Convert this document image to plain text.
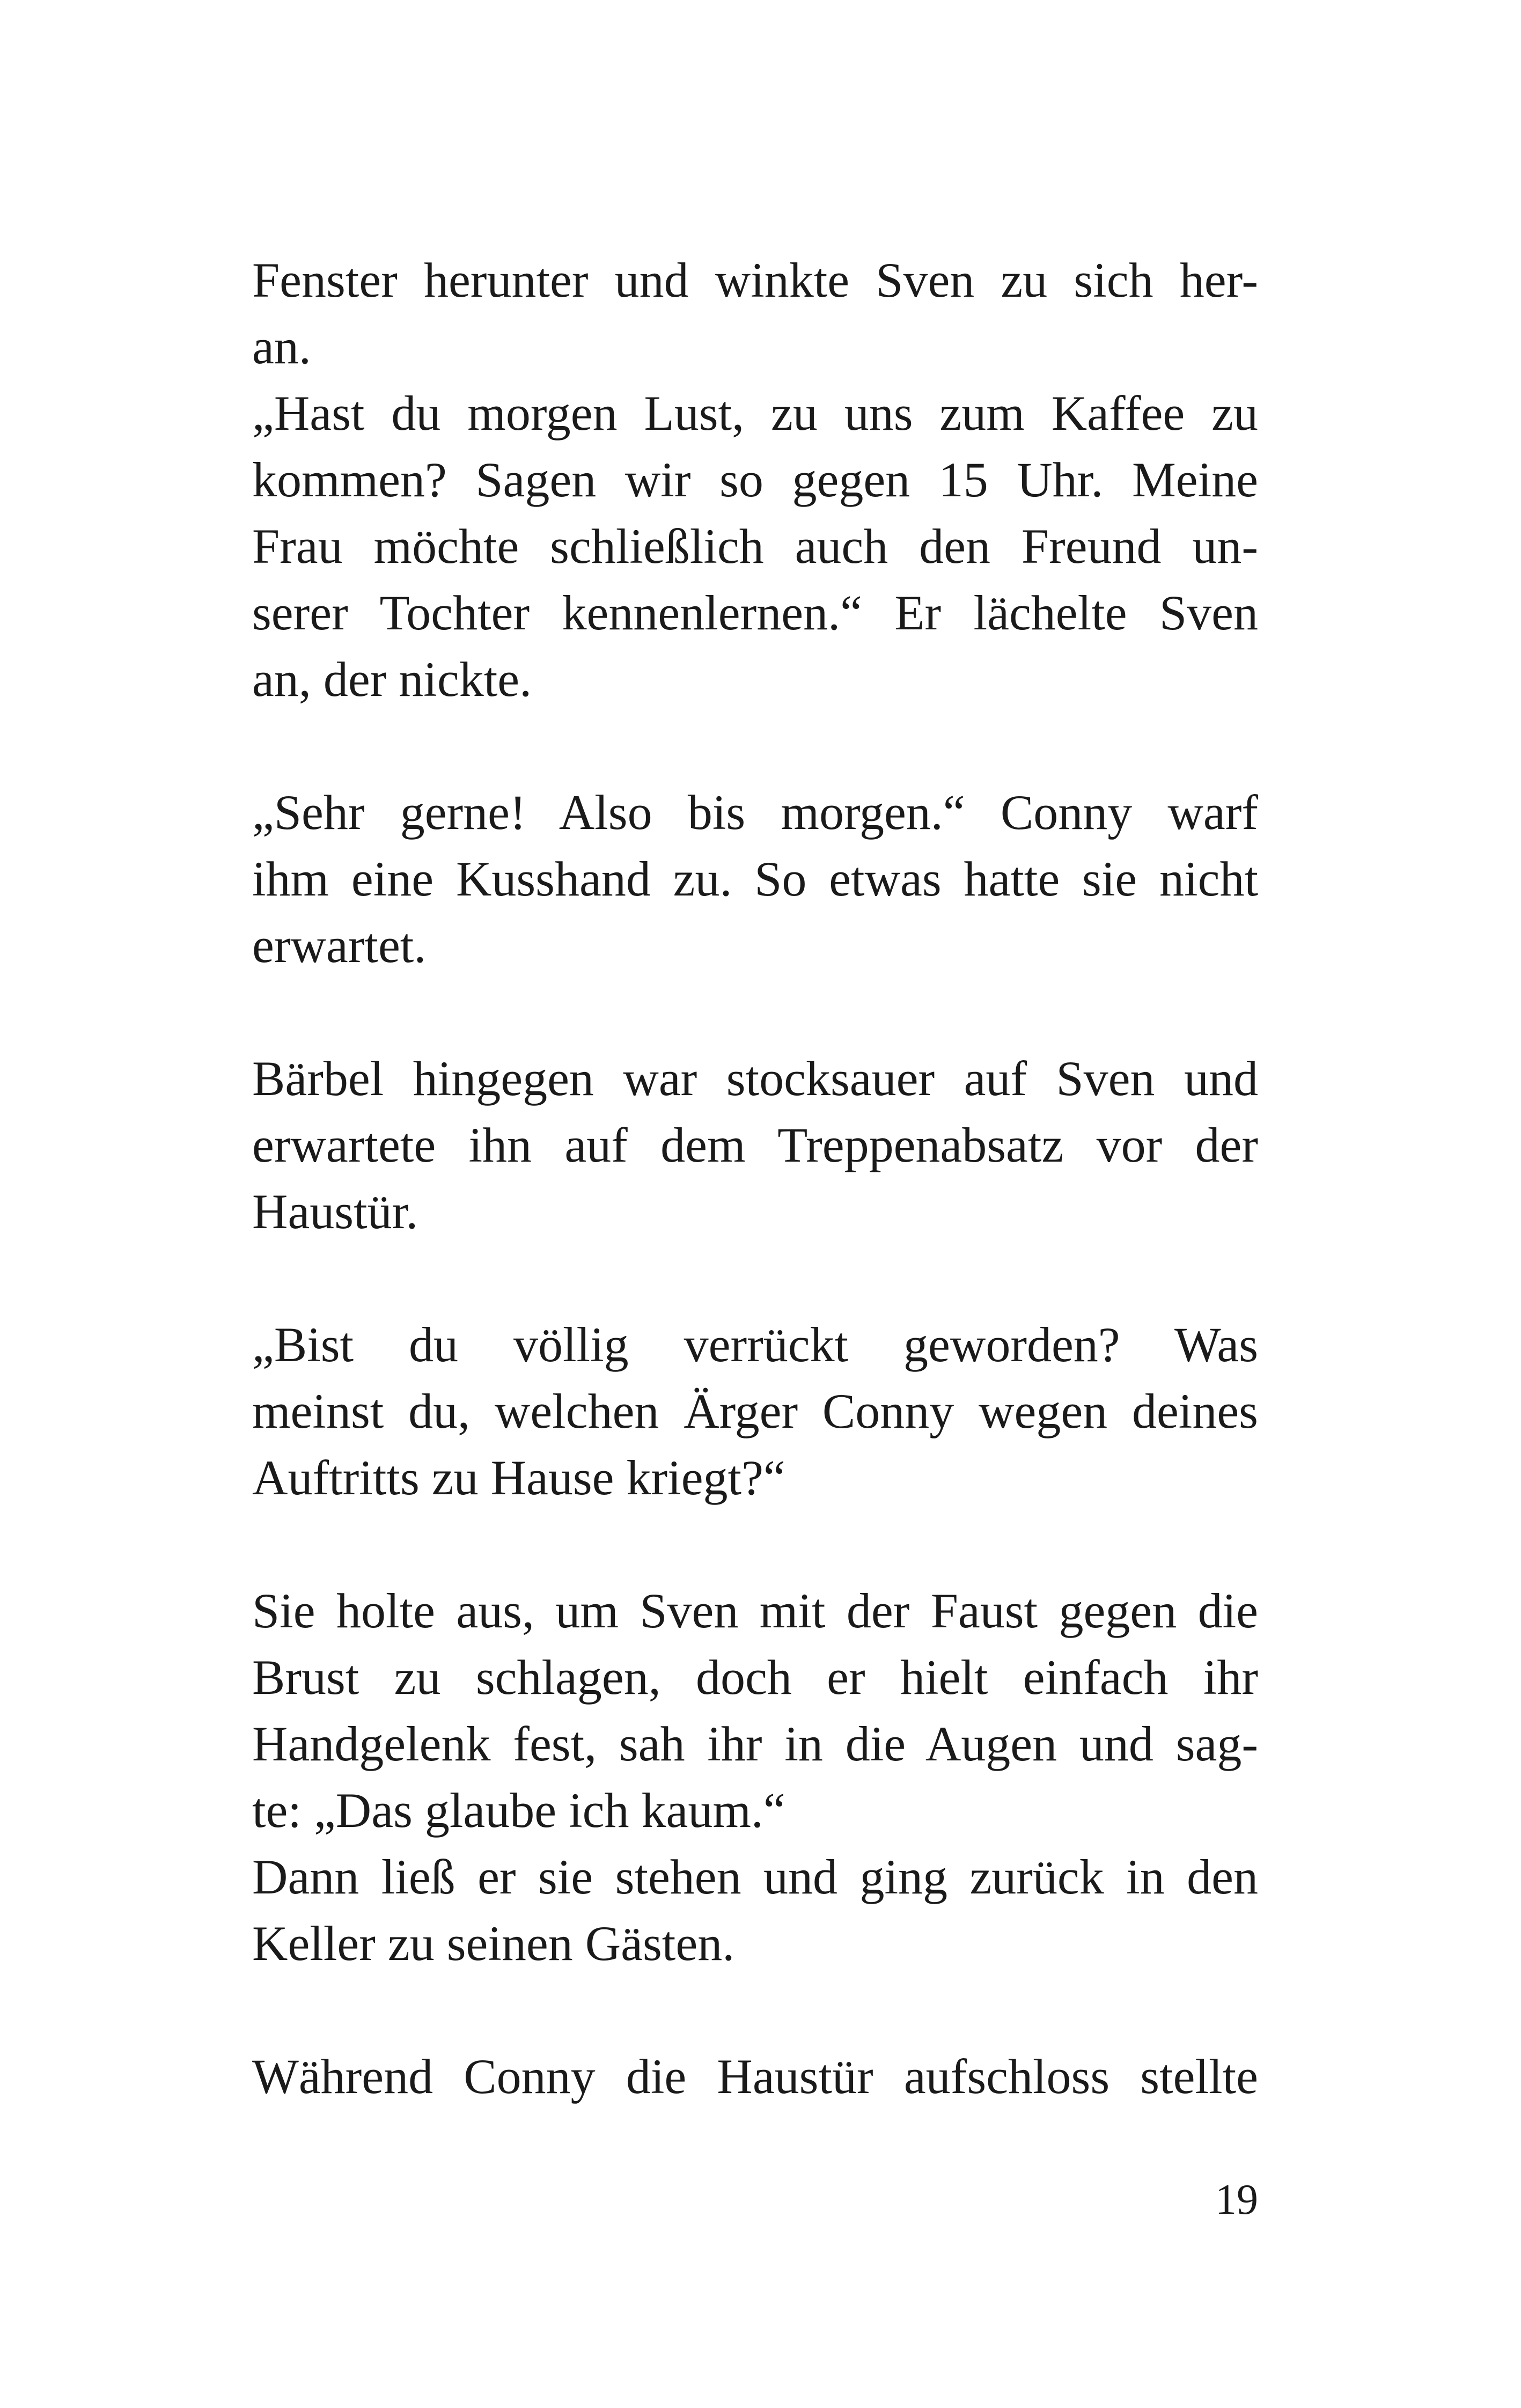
Fenster herunter und winkte Sven zu sich her-
an.
„Hast du morgen Lust, zu uns zum Kaffee zu
kommen? Sagen wir so gegen 15 Uhr. Meine
Frau möchte schließlich auch den Freund un-
serer Tochter kennenlernen.“ Er lächelte Sven
an, der nickte.
„Sehr gerne! Also bis morgen.“ Conny warf
ihm eine Kusshand zu. So etwas hatte sie nicht
erwartet.
Bärbel hingegen war stocksauer auf Sven und
erwartete ihn auf dem Treppenabsatz vor der
Haustür.
„Bist du völlig verrückt geworden? Was
meinst du, welchen Ärger Conny wegen deines
Auftritts zu Hause kriegt?“
Sie holte aus, um Sven mit der Faust gegen die
Brust zu schlagen, doch er hielt einfach ihr
Handgelenk fest, sah ihr in die Augen und sag-
te: „Das glaube ich kaum.“
Dann ließ er sie stehen und ging zurück in den
Keller zu seinen Gästen.
Während Conny die Haustür aufschloss stellte
19
